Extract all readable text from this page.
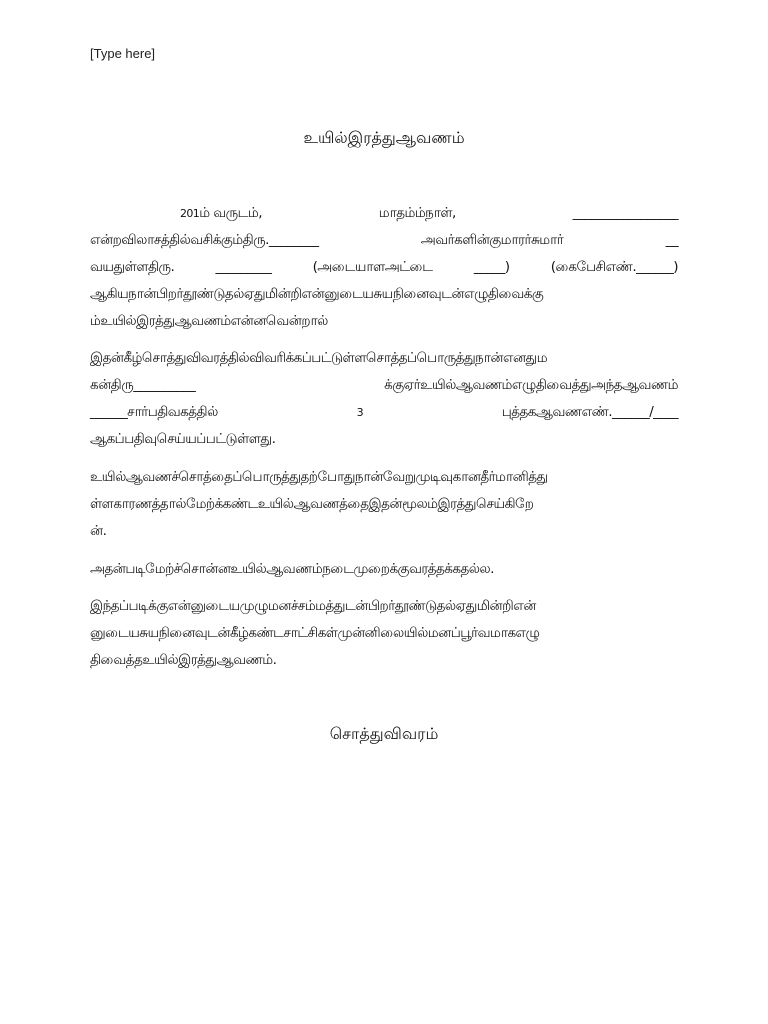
[Type here]
உயில்இரத்துஆவணம்
201ம் வருடம்,	மாதம்ம்நாள்,	_________________
என்றவிலாசத்தில்வசிக்கும்திரு.________	அவர்களின்குமாரர்சுமார்	__
வயதுள்ளதிரு.	_________	(அடையாளஅட்டை	_____)	(கைபேசிஎண்.______)
ஆகியநான்பிறர்தூண்டுதல்ஏதுமின்றிஎன்னுடையசுயநினைவுடன்எழுதிவைக்கு
ம்உயில்இரத்துஆவணம்என்னவென்றால்
இதன்கீழ்சொத்துவிவரத்தில்விவரிக்கப்பட்டுள்ளசொத்தப்பொருத்துநான்எனதும
கன்திரு__________	க்குஏர்உயில்ஆவணம்எழுதிவைத்துஅந்தஆவணம்
______சார்பதிவகத்தில்	3	புத்தகஆவணஎண்.______/____
ஆகப்பதிவுசெய்யப்பட்டுள்ளது.
உயில்ஆவணச்சொத்தைப்பொருத்துதற்போதுநான்வேறுமுடிவுகானதீர்மானித்து
ள்ளகாரணத்தால்மேற்க்கண்டஉயில்ஆவணத்தைஇதன்மூலம்இரத்துசெய்கிறே
ன்.
அதன்படிமேற்ச்சொன்னஉயில்ஆவணம்நடைமுறைக்குவரத்தக்கதல்ல.
இந்தப்படிக்குஎன்னுடையமுழுமனச்சம்மத்துடன்பிறர்தூண்டுதல்ஏதுமின்றிஎன்
னுடையசுயநினைவுடன்கீழ்கண்டசாட்சிகள்முன்னிலையில்மனப்பூர்வமாகஎழு
திவைத்தஉயில்இரத்துஆவணம்.
சொத்துவிவரம்
